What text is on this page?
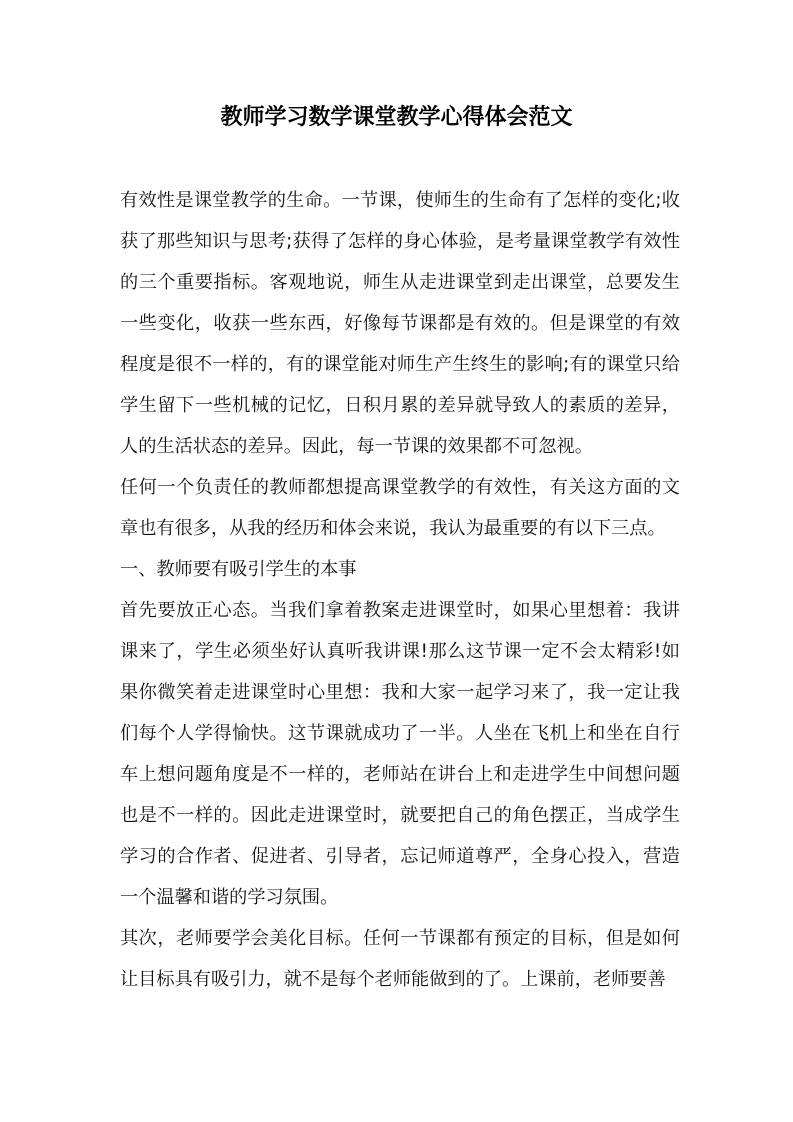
教师学习数学课堂教学心得体会范文

有效性是课堂教学的生命。一节课，使师生的生命有了怎样的变化;收获了那些知识与思考;获得了怎样的身心体验，是考量课堂教学有效性的三个重要指标。客观地说，师生从走进课堂到走出课堂，总要发生一些变化，收获一些东西，好像每节课都是有效的。但是课堂的有效程度是很不一样的，有的课堂能对师生产生终生的影响;有的课堂只给学生留下一些机械的记忆，日积月累的差异就导致人的素质的差异，人的生活状态的差异。因此，每一节课的效果都不可忽视。

任何一个负责任的教师都想提高课堂教学的有效性，有关这方面的文章也有很多，从我的经历和体会来说，我认为最重要的有以下三点。

一、教师要有吸引学生的本事

首先要放正心态。当我们拿着教案走进课堂时，如果心里想着：我讲课来了，学生必须坐好认真听我讲课!那么这节课一定不会太精彩!如果你微笑着走进课堂时心里想：我和大家一起学习来了，我一定让我们每个人学得愉快。这节课就成功了一半。人坐在飞机上和坐在自行车上想问题角度是不一样的，老师站在讲台上和走进学生中间想问题也是不一样的。因此走进课堂时，就要把自己的角色摆正，当成学生学习的合作者、促进者、引导者，忘记师道尊严，全身心投入，营造一个温馨和谐的学习氛围。

其次，老师要学会美化目标。任何一节课都有预定的目标，但是如何让目标具有吸引力，就不是每个老师能做到的了。上课前，老师要善
